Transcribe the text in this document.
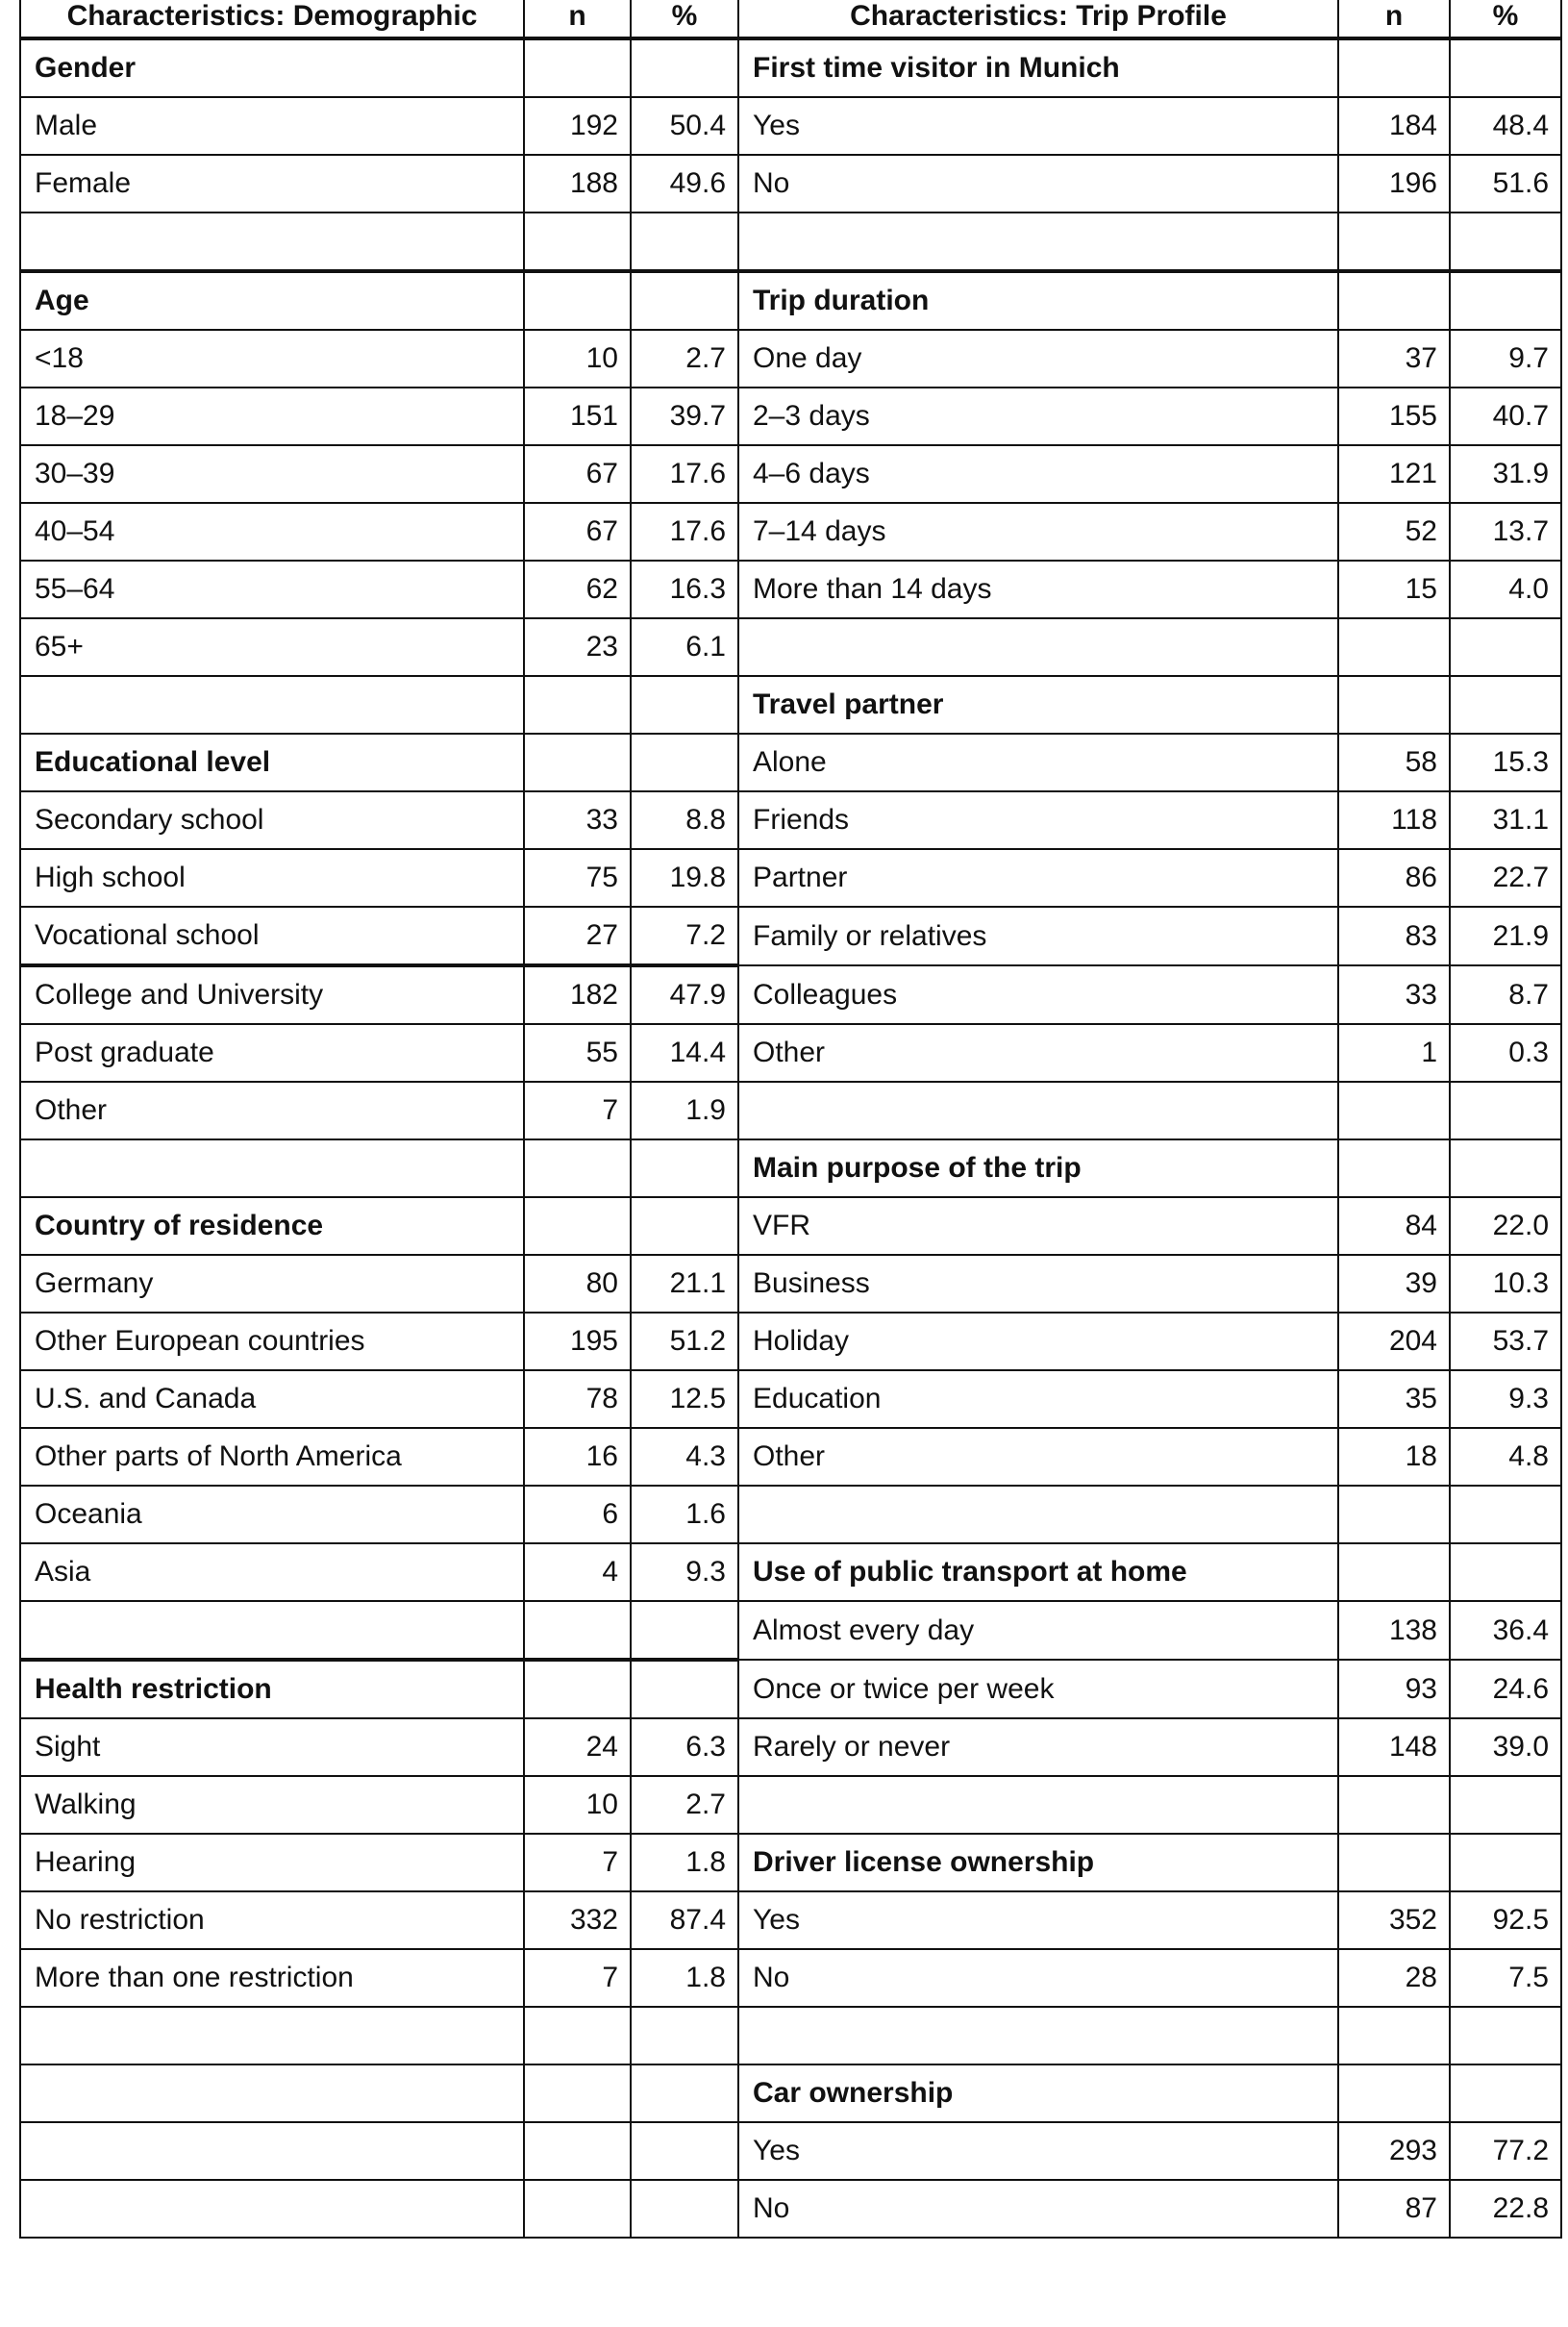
Characteristics: Demographic	n	%	Characteristics: Trip Profile	n	%
Gender			First time visitor in Munich		
Male	192	50.4	Yes	184	48.4
Female	188	49.6	No	196	51.6

Age			Trip duration		
<18	10	2.7	One day	37	9.7
18–29	151	39.7	2–3 days	155	40.7
30–39	67	17.6	4–6 days	121	31.9
40–54	67	17.6	7–14 days	52	13.7
55–64	62	16.3	More than 14 days	15	4.0
65+	23	6.1			
			Travel partner		
Educational level			Alone	58	15.3
Secondary school	33	8.8	Friends	118	31.1
High school	75	19.8	Partner	86	22.7
Vocational school	27	7.2	Family or relatives	83	21.9
College and University	182	47.9	Colleagues	33	8.7
Post graduate	55	14.4	Other	1	0.3
Other	7	1.9			
			Main purpose of the trip		
Country of residence			VFR	84	22.0
Germany	80	21.1	Business	39	10.3
Other European countries	195	51.2	Holiday	204	53.7
U.S. and Canada	78	12.5	Education	35	9.3
Other parts of North America	16	4.3	Other	18	4.8
Oceania	6	1.6			
Asia	4	9.3	Use of public transport at home		
			Almost every day	138	36.4
Health restriction			Once or twice per week	93	24.6
Sight	24	6.3	Rarely or never	148	39.0
Walking	10	2.7			
Hearing	7	1.8	Driver license ownership		
No restriction	332	87.4	Yes	352	92.5
More than one restriction	7	1.8	No	28	7.5

			Car ownership		
			Yes	293	77.2
			No	87	22.8
